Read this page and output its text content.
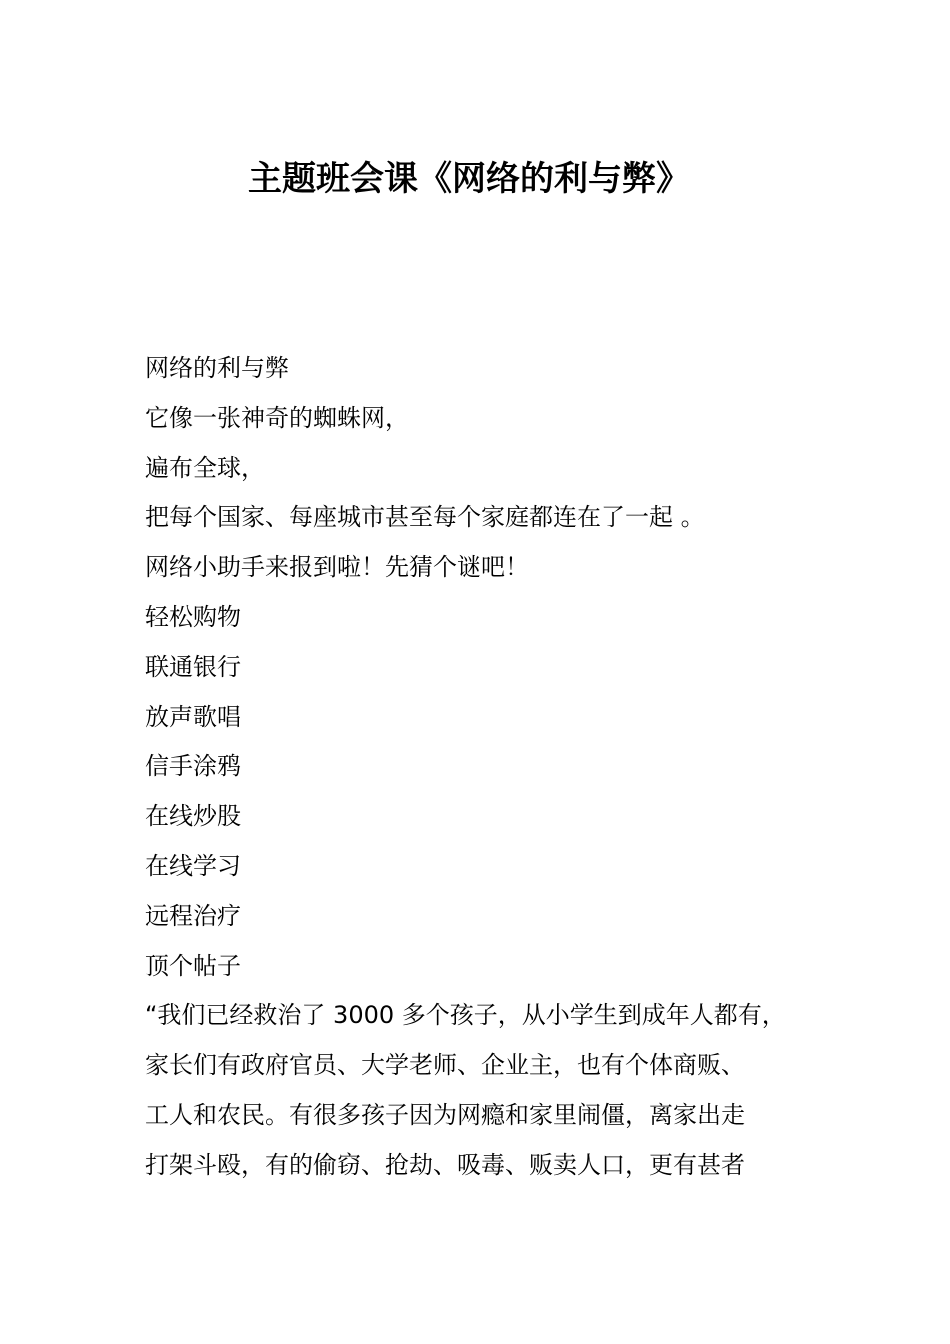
主题班会课《网络的利与弊》

网络的利与弊

它像一张神奇的蜘蛛网，

遍布全球，

把每个国家、每座城市甚至每个家庭都连在了一起 。

网络小助手来报到啦！先猜个谜吧！

轻松购物

联通银行

放声歌唱

信手涂鸦

在线炒股

在线学习

远程治疗

顶个帖子

“我们已经救治了 3000 多个孩子，从小学生到成年人都有，

家长们有政府官员、大学老师、企业主，也有个体商贩、

工人和农民。有很多孩子因为网瘾和家里闹僵，离家出走

打架斗殴，有的偷窃、抢劫、吸毒、贩卖人口，更有甚者
